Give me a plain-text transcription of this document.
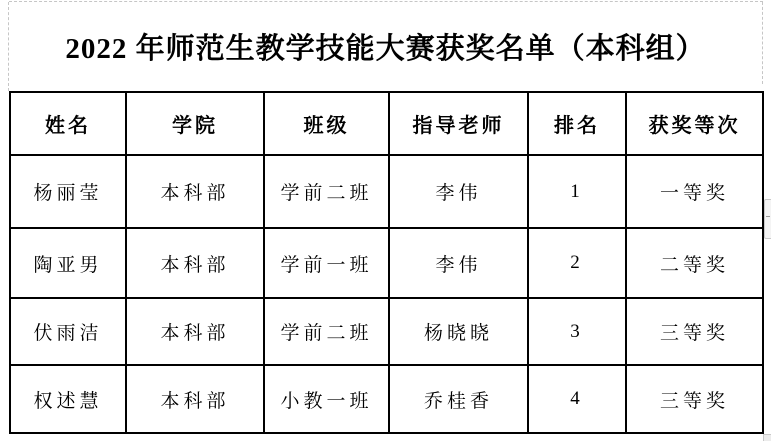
2022 年师范生教学技能大赛获奖名单（本科组）
姓名	学院	班级	指导老师	排名	获奖等次
杨丽莹	本科部	学前二班	李伟	1	一等奖
陶亚男	本科部	学前一班	李伟	2	二等奖
伏雨洁	本科部	学前二班	杨晓晓	3	三等奖
权述慧	本科部	小教一班	乔桂香	4	三等奖
